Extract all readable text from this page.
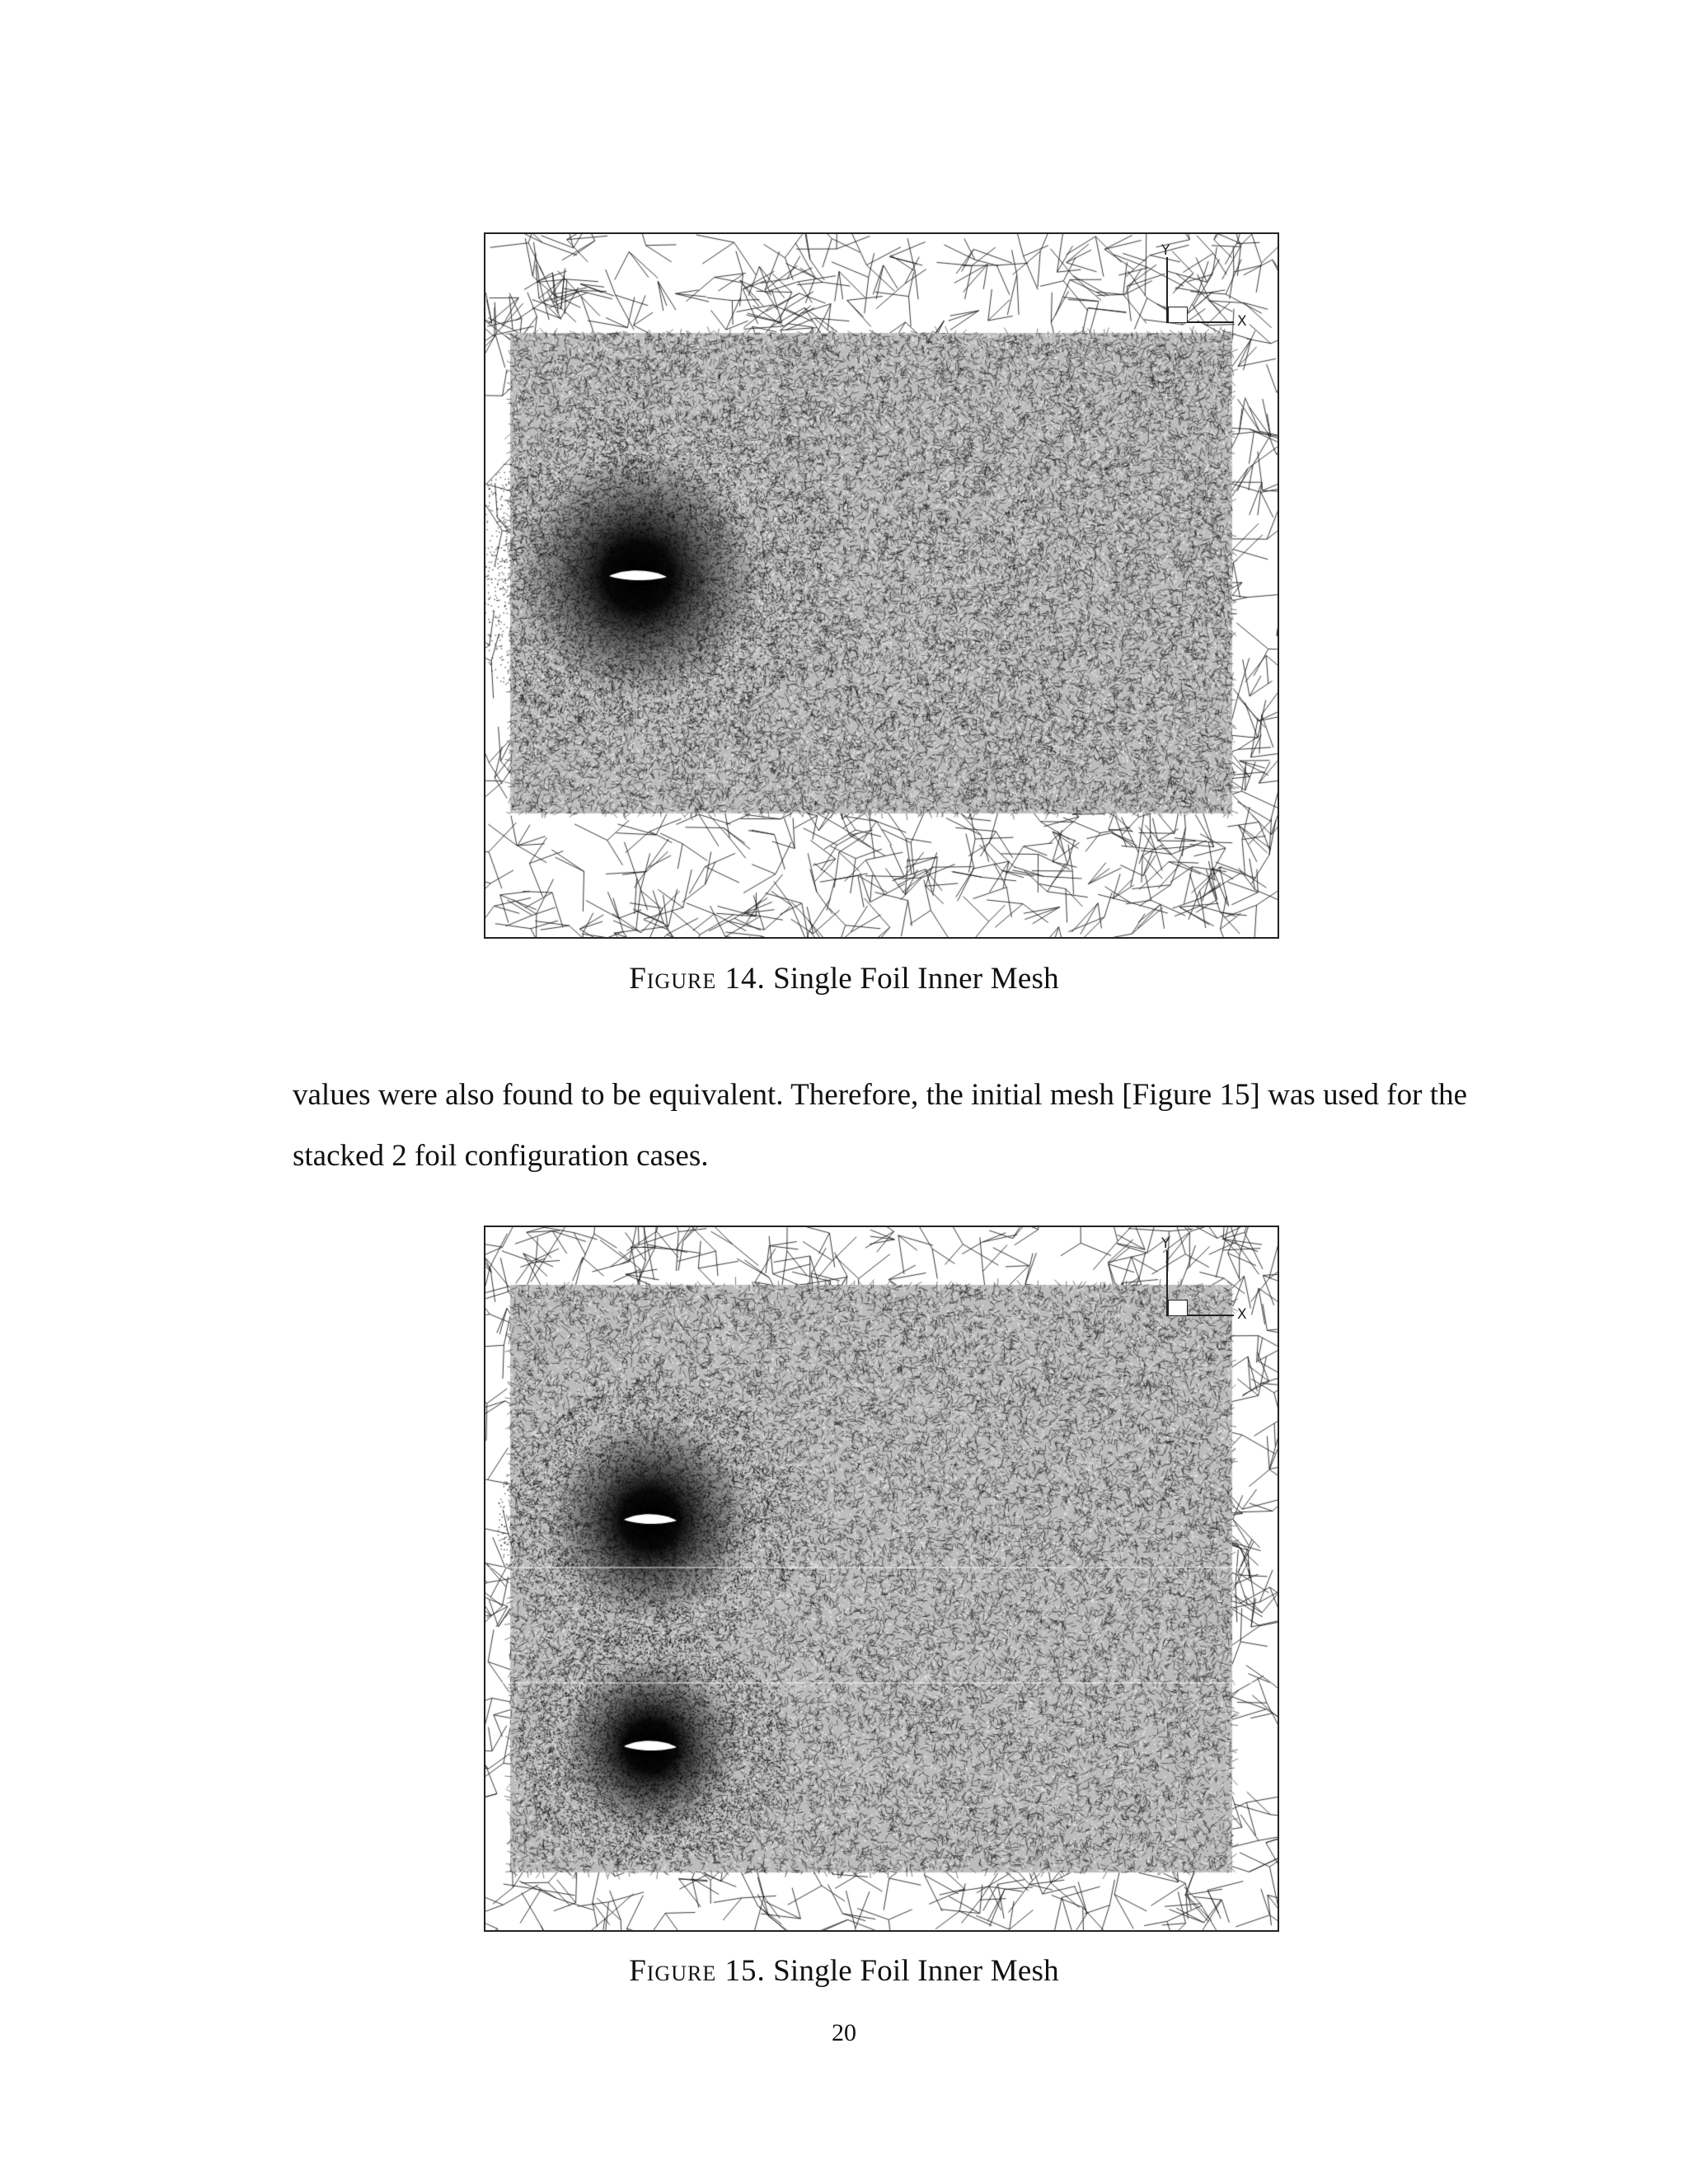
Y
X
Figure 14. Single Foil Inner Mesh

values were also found to be equivalent. Therefore, the initial mesh [Figure 15] was used for the stacked 2 foil configuration cases.

Y
X
Figure 15. Single Foil Inner Mesh
20
